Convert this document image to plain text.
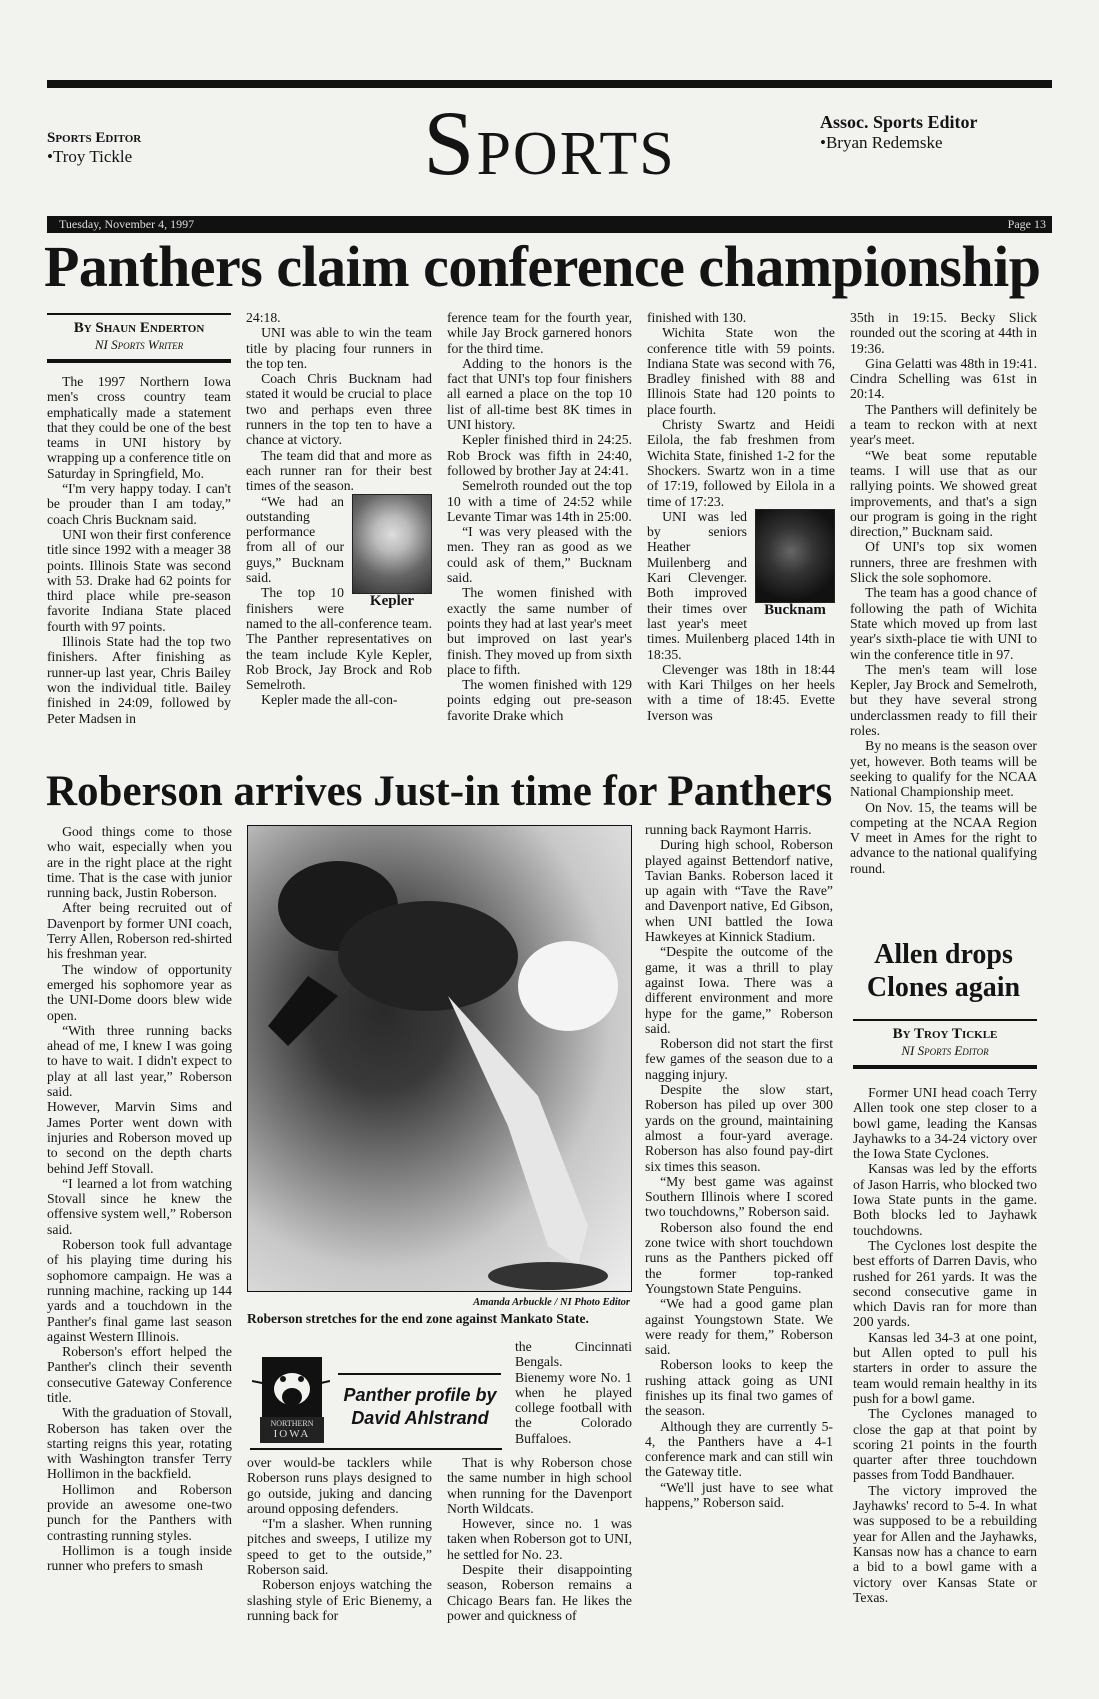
Sports Editor
•Troy Tickle	SPORTS	Assoc. Sports Editor
•Bryan Redemske
Tuesday, November 4, 1997	Page 13
Panthers claim conference championship
By Shaun Enderton
NI Sports Writer

The 1997 Northern Iowa men's cross country team emphatically made a statement that they could be one of the best teams in UNI history by wrapping up a conference title on Saturday in Springfield, Mo.

“I'm very happy today. I can't be prouder than I am today,” coach Chris Bucknam said.

UNI won their first conference title since 1992 with a meager 38 points. Illinois State was second with 53. Drake had 62 points for third place while pre-season favorite Indiana State placed fourth with 97 points.

Illinois State had the top two finishers. After finishing as runner-up last year, Chris Bailey won the individual title. Bailey finished in 24:09, followed by Peter Madsen in

24:18.

UNI was able to win the team title by placing four runners in the top ten.

Coach Chris Bucknam had stated it would be crucial to place two and perhaps even three runners in the top ten to have a chance at victory.

The team did that and more as each runner ran for their best times of the season.

Kepler

“We had an outstanding performance from all of our guys,” Bucknam said.

The top 10 finishers were named to the all-conference team. The Panther representatives on the team include Kyle Kepler, Rob Brock, Jay Brock and Rob Semelroth.

Kepler made the all-con-

ference team for the fourth year, while Jay Brock garnered honors for the third time.

Adding to the honors is the fact that UNI's top four finishers all earned a place on the top 10 list of all-time best 8K times in UNI history.

Kepler finished third in 24:25. Rob Brock was fifth in 24:40, followed by brother Jay at 24:41.

Semelroth rounded out the top 10 with a time of 24:52 while Levante Timar was 14th in 25:00.

“I was very pleased with the men. They ran as good as we could ask of them,” Bucknam said.

The women finished with exactly the same number of points they had at last year's meet but improved on last year's finish. They moved up from sixth place to fifth.

The women finished with 129 points edging out pre-season favorite Drake which

finished with 130.

Wichita State won the conference title with 59 points. Indiana State was second with 76, Bradley finished with 88 and Illinois State had 120 points to place fourth.

Christy Swartz and Heidi Eilola, the fab freshmen from Wichita State, finished 1-2 for the Shockers. Swartz won in a time of 17:19, followed by Eilola in a time of 17:23.

Bucknam

UNI was led by seniors Heather Muilenberg and Kari Clevenger. Both improved their times over last year's meet times. Muilenberg placed 14th in 18:35.

Clevenger was 18th in 18:44 with Kari Thilges on her heels with a time of 18:45. Evette Iverson was

35th in 19:15. Becky Slick rounded out the scoring at 44th in 19:36.

Gina Gelatti was 48th in 19:41. Cindra Schelling was 61st in 20:14.

The Panthers will definitely be a team to reckon with at next year's meet.

“We beat some reputable teams. I will use that as our rallying points. We showed great improvements, and that's a sign our program is going in the right direction,” Bucknam said.

Of UNI's top six women runners, three are freshmen with Slick the sole sophomore.

The team has a good chance of following the path of Wichita State which moved up from last year's sixth-place tie with UNI to win the conference title in 97.

The men's team will lose Kepler, Jay Brock and Semelroth, but they have several strong underclassmen ready to fill their roles.

By no means is the season over yet, however. Both teams will be seeking to qualify for the NCAA National Championship meet.

On Nov. 15, the teams will be competing at the NCAA Region V meet in Ames for the right to advance to the national qualifying round.

Roberson arrives Just-in time for Panthers

Good things come to those who wait, especially when you are in the right place at the right time. That is the case with junior running back, Justin Roberson.

After being recruited out of Davenport by former UNI coach, Terry Allen, Roberson red-shirted his freshman year.

The window of opportunity emerged his sophomore year as the UNI-Dome doors blew wide open.

“With three running backs ahead of me, I knew I was going to have to wait. I didn't expect to play at all last year,” Roberson said.

However, Marvin Sims and James Porter went down with injuries and Roberson moved up to second on the depth charts behind Jeff Stovall.

“I learned a lot from watching Stovall since he knew the offensive system well,” Roberson said.

Roberson took full advantage of his playing time during his sophomore campaign. He was a running machine, racking up 144 yards and a touchdown in the Panther's final game last season against Western Illinois.

Roberson's effort helped the Panther's clinch their seventh consecutive Gateway Conference title.

With the graduation of Stovall, Roberson has taken over the starting reigns this year, rotating with Washington transfer Terry Hollimon in the backfield.

Hollimon and Roberson provide an awesome one-two punch for the Panthers with contrasting running styles.

Hollimon is a tough inside runner who prefers to smash

Amanda Arbuckle / NI Photo Editor
Roberson stretches for the end zone against Mankato State.
NORTHERN
IOWA
Panther profile by
David Ahlstrand

the Cincinnati Bengals.

Bienemy wore No. 1 when he played college football with the Colorado Buffaloes.

over would-be tacklers while Roberson runs plays designed to go outside, juking and dancing around opposing defenders.

“I'm a slasher. When running pitches and sweeps, I utilize my speed to get to the outside,” Roberson said.

Roberson enjoys watching the slashing style of Eric Bienemy, a running back for

That is why Roberson chose the same number in high school when running for the Davenport North Wildcats.

However, since no. 1 was taken when Roberson got to UNI, he settled for No. 23.

Despite their disappointing season, Roberson remains a Chicago Bears fan. He likes the power and quickness of

running back Raymont Harris.

During high school, Roberson played against Bettendorf native, Tavian Banks. Roberson laced it up again with “Tave the Rave” and Davenport native, Ed Gibson, when UNI battled the Iowa Hawkeyes at Kinnick Stadium.

“Despite the outcome of the game, it was a thrill to play against Iowa. There was a different environment and more hype for the game,” Roberson said.

Roberson did not start the first few games of the season due to a nagging injury.

Despite the slow start, Roberson has piled up over 300 yards on the ground, maintaining almost a four-yard average. Roberson has also found pay-dirt six times this season.

“My best game was against Southern Illinois where I scored two touchdowns,” Roberson said.

Roberson also found the end zone twice with short touchdown runs as the Panthers picked off the former top-ranked Youngstown State Penguins.

“We had a good game plan against Youngstown State. We were ready for them,” Roberson said.

Roberson looks to keep the rushing attack going as UNI finishes up its final two games of the season.

Although they are currently 5-4, the Panthers have a 4-1 conference mark and can still win the Gateway title.

“We'll just have to see what happens,” Roberson said.

Allen drops
Clones again
By Troy Tickle
NI Sports Editor

Former UNI head coach Terry Allen took one step closer to a bowl game, leading the Kansas Jayhawks to a 34-24 victory over the Iowa State Cyclones.

Kansas was led by the efforts of Jason Harris, who blocked two Iowa State punts in the game. Both blocks led to Jayhawk touchdowns.

The Cyclones lost despite the best efforts of Darren Davis, who rushed for 261 yards. It was the second consecutive game in which Davis ran for more than 200 yards.

Kansas led 34-3 at one point, but Allen opted to pull his starters in order to assure the team would remain healthy in its push for a bowl game.

The Cyclones managed to close the gap at that point by scoring 21 points in the fourth quarter after three touchdown passes from Todd Bandhauer.

The victory improved the Jayhawks' record to 5-4. In what was supposed to be a rebuilding year for Allen and the Jayhawks, Kansas now has a chance to earn a bid to a bowl game with a victory over Kansas State or Texas.
